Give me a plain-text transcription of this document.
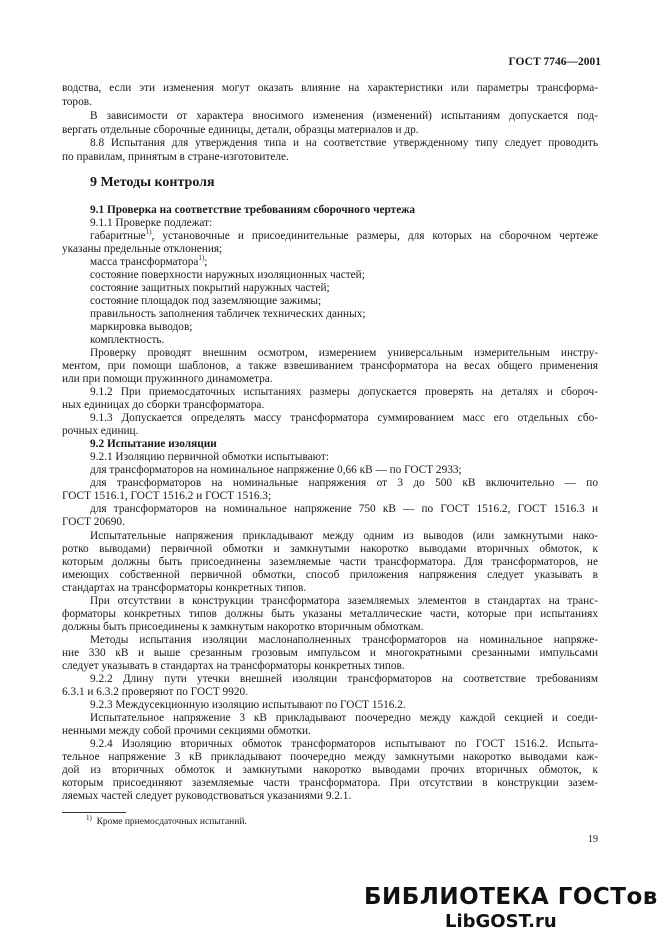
ГОСТ 7746—2001
водства, если эти изменения могут оказать влияние на характеристики или параметры трансформа-
торов.
В зависимости от характера вносимого изменения (изменений) испытаниям допускается под-
вергать отдельные сборочные единицы, детали, образцы материалов и др.
8.8 Испытания для утверждения типа и на соответствие утвержденному типу следует проводить
по правилам, принятым в стране-изготовителе.
9 Методы контроля
9.1 Проверка на соответствие требованиям сборочного чертежа
9.1.1 Проверке подлежат:
габаритные$^{1)}$, установочные и присоединительные размеры, для которых на сборочном чертеже
указаны предельные отклонения;
масса трансформатора$^{1)}$;
состояние поверхности наружных изоляционных частей;
состояние защитных покрытий наружных частей;
состояние площадок под заземляющие зажимы;
правильность заполнения табличек технических данных;
маркировка выводов;
комплектность.
Проверку проводят внешним осмотром, измерением универсальным измерительным инстру-
ментом, при помощи шаблонов, а также взвешиванием трансформатора на весах общего применения
или при помощи пружинного динамометра.
9.1.2 При приемосдаточных испытаниях размеры допускается проверять на деталях и сбороч-
ных единицах до сборки трансформатора.
9.1.3 Допускается определять массу трансформатора суммированием масс его отдельных сбо-
рочных единиц.
9.2 Испытание изоляции
9.2.1 Изоляцию первичной обмотки испытывают:
для трансформаторов на номинальное напряжение 0,66 кВ — по ГОСТ 2933;
для трансформаторов на номинальные напряжения от 3 до 500 кВ включительно — по
ГОСТ 1516.1, ГОСТ 1516.2 и ГОСТ 1516.3;
для трансформаторов на номинальное напряжение 750 кВ — по ГОСТ 1516.2, ГОСТ 1516.3 и
ГОСТ 20690.
Испытательные напряжения прикладывают между одним из выводов (или замкнутыми нако-
ротко выводами) первичной обмотки и замкнутыми накоротко выводами вторичных обмоток, к
которым должны быть присоединены заземляемые части трансформатора. Для трансформаторов, не
имеющих собственной первичной обмотки, способ приложения напряжения следует указывать в
стандартах на трансформаторы конкретных типов.
При отсутствии в конструкции трансформатора заземляемых элементов в стандартах на транс-
форматоры конкретных типов должны быть указаны металлические части, которые при испытаниях
должны быть присоединены к замкнутым накоротко вторичным обмоткам.
Методы испытания изоляции маслонаполненных трансформаторов на номинальное напряже-
ние 330 кВ и выше срезанным грозовым импульсом и многократными срезанными импульсами
следует указывать в стандартах на трансформаторы конкретных типов.
9.2.2 Длину пути утечки внешней изоляции трансформаторов на соответствие требованиям
6.3.1 и 6.3.2 проверяют по ГОСТ 9920.
9.2.3 Междусекционную изоляцию испытывают по ГОСТ 1516.2.
Испытательное напряжение 3 кВ прикладывают поочередно между каждой секцией и соеди-
ненными между собой прочими секциями обмотки.
9.2.4 Изоляцию вторичных обмоток трансформаторов испытывают по ГОСТ 1516.2. Испыта-
тельное напряжение 3 кВ прикладывают поочередно между замкнутыми накоротко выводами каж-
дой из вторичных обмоток и замкнутыми накоротко выводами прочих вторичных обмоток, к
которым присоединяют заземляемые части трансформатора. При отсутствии в конструкции зазем-
ляемых частей следует руководствоваться указаниями 9.2.1.
$^{1)}$ Кроме приемосдаточных испытаний.
19
БИБЛИОТЕКА ГОСТов
LibGOST.ru
